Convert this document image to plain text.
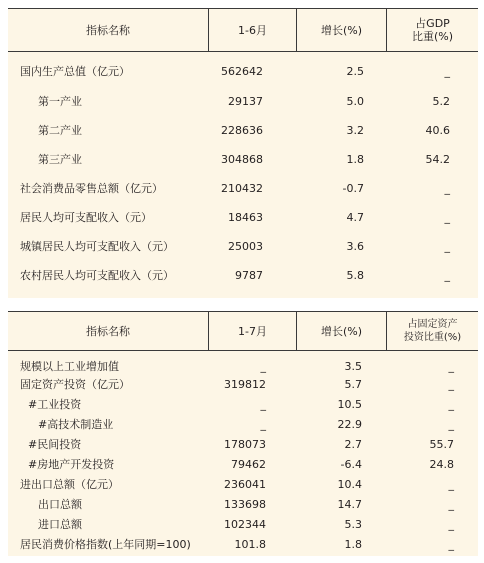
指标名称	1-6月	增长(%)	占GDP
比重(%)
国内生产总值（亿元）	562642	2.5	_
第一产业	29137	5.0	5.2
第二产业	228636	3.2	40.6
第三产业	304868	1.8	54.2
社会消费品零售总额（亿元）	210432	-0.7	_
居民人均可支配收入（元）	18463	4.7	_
城镇居民人均可支配收入（元）	25003	3.6	_
农村居民人均可支配收入（元）	9787	5.8	_
指标名称	1-7月	增长(%)	占固定资产
投资比重(%)
规模以上工业增加值	_	3.5	_
固定资产投资（亿元）	319812	5.7	_
#工业投资	_	10.5	_
#高技术制造业	_	22.9	_
#民间投资	178073	2.7	55.7
#房地产开发投资	79462	-6.4	24.8
进出口总额（亿元）	236041	10.4	_
出口总额	133698	14.7	_
进口总额	102344	5.3	_
居民消费价格指数(上年同期=100)	101.8	1.8	_
